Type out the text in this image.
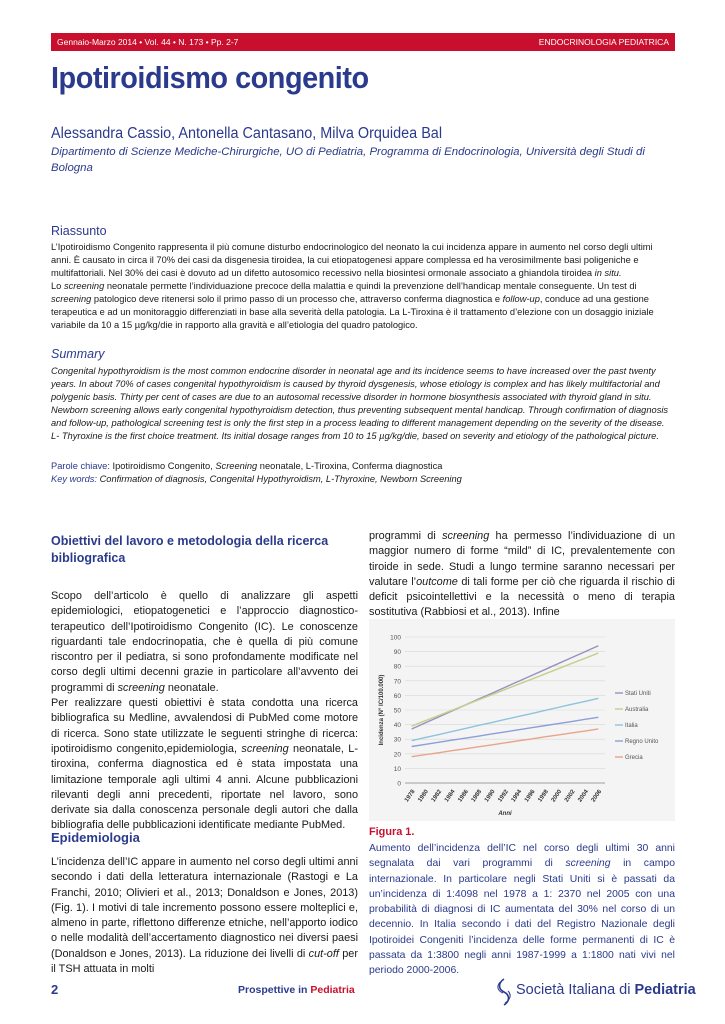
Gennaio-Marzo 2014 • Vol. 44 • N. 173 • Pp. 2-7	ENDOCRINOLOGIA PEDIATRICA
Ipotiroidismo congenito
Alessandra Cassio, Antonella Cantasano, Milva Orquidea Bal
Dipartimento di Scienze Mediche-Chirurgiche, UO di Pediatria, Programma di Endocrinologia, Università degli Studi di Bologna
Riassunto

L’Ipotiroidismo Congenito rappresenta il più comune disturbo endocrinologico del neonato la cui incidenza appare in aumento nel corso degli ultimi anni. È causato in circa il 70% dei casi da disgenesia tiroidea, la cui etiopatogenesi appare complessa ed ha verosimilmente basi poligeniche e multifattoriali. Nel 30% dei casi è dovuto ad un difetto autosomico recessivo nella biosintesi ormonale associato a ghiandola tiroidea in situ.

Lo screening neonatale permette l’individuazione precoce della malattia e quindi la prevenzione dell’handicap mentale conseguente. Un test di screening patologico deve ritenersi solo il primo passo di un processo che, attraverso conferma diagnostica e follow-up, conduce ad una gestione terapeutica e ad un monitoraggio differenziati in base alla severità della patologia. La L-Tiroxina è il trattamento d’elezione con un dosaggio iniziale variabile da 10 a 15 µg/kg/die in rapporto alla gravità e all’etiologia del quadro patologico.

Summary

Congenital hypothyroidism is the most common endocrine disorder in neonatal age and its incidence seems to have increased over the past twenty years. In about 70% of cases congenital hypothyroidism is caused by thyroid dysgenesis, whose etiology is complex and has likely multifactorial and polygenic basis. Thirty per cent of cases are due to an autosomal recessive disorder in hormone biosynthesis associated with thyroid gland in situ.

Newborn screening allows early congenital hypothyroidism detection, thus preventing subsequent mental handicap. Through confirmation of diagnosis and follow-up, pathological screening test is only the first step in a process leading to different management depending on the severity of the disease. L- Thyroxine is the first choice treatment. Its initial dosage ranges from 10 to 15 µg/kg/die, based on severity and etiology of the pathological picture.

Parole chiave: Ipotiroidismo Congenito, Screening neonatale, L-Tiroxina, Conferma diagnostica
Key words: Confirmation of diagnosis, Congenital Hypothyroidism, L-Thyroxine, Newborn Screening
Obiettivi del lavoro e metodologia della ricerca bibliografica

Scopo dell’articolo è quello di analizzare gli aspetti epidemiologici, etiopatogenetici e l’approccio diagnostico-terapeutico dell’Ipotiroidismo Congenito (IC). Le conoscenze riguardanti tale endocrinopatia, che è quella di più comune riscontro per il pediatra, si sono profondamente modificate nel corso degli ultimi decenni grazie in particolare all’avvento dei programmi di screening neonatale.

Per realizzare questi obiettivi è stata condotta una ricerca bibliografica su Medline, avvalendosi di PubMed come motore di ricerca. Sono state utilizzate le seguenti stringhe di ricerca: ipotiroidismo congenito,epidemiologia, screening neonatale, L-tiroxina, conferma diagnostica ed è stata impostata una limitazione temporale agli ultimi 4 anni. Alcune pubblicazioni rilevanti degli anni precedenti, riportate nel lavoro, sono derivate sia dalla conoscenza personale degli autori che dalla bibliografia delle pubblicazioni identificate mediante PubMed.

Epidemiologia

L’incidenza dell’IC appare in aumento nel corso degli ultimi anni secondo i dati della letteratura internazionale (Rastogi e La Franchi, 2010; Olivieri et al., 2013; Donaldson e Jones, 2013) (Fig. 1). I motivi di tale incremento possono essere molteplici e, almeno in parte, riflettono differenze etniche, nell’apporto iodico o nelle modalità dell’accertamento diagnostico nei diversi paesi (Donaldson e Jones, 2013). La riduzione dei livelli di cut-off per il TSH attuata in molti

programmi di screening ha permesso l’individuazione di un maggior numero di forme “mild” di IC, prevalentemente con tiroide in sede. Studi a lungo termine saranno necessari per valutare l’outcome di tali forme per ciò che riguarda il rischio di deficit psicointellettivi e la necessità o meno di terapia sostitutiva (Rabbiosi et al., 2013). Infine
0
10
20
30
40
50
60
70
80
90
100
1978 1980 1982 1984 1986 1988 1990 1992 1994 1996 1998 2000 2002 2004 2006
Incidenza (N° IC/100.000)
Anni
Stati Uniti
Australia
Italia
Regno Unito
Grecia
Figura 1.
Aumento dell’incidenza dell’IC nel corso degli ultimi 30 anni segnalata dai vari programmi di screening in campo internazionale. In particolare negli Stati Uniti si è passati da un’incidenza di 1:4098 nel 1978 a 1: 2370 nel 2005 con una probabilità di diagnosi di IC aumentata del 30% nel corso di un decennio. In Italia secondo i dati del Registro Nazionale degli Ipotiroidei Congeniti l’incidenza delle forme permanenti di IC è passata da 1:3800 negli anni 1987-1999 a 1:1800 nati vivi nel periodo 2000-2006.
2	Prospettive in Pediatria	Società Italiana di Pediatria
